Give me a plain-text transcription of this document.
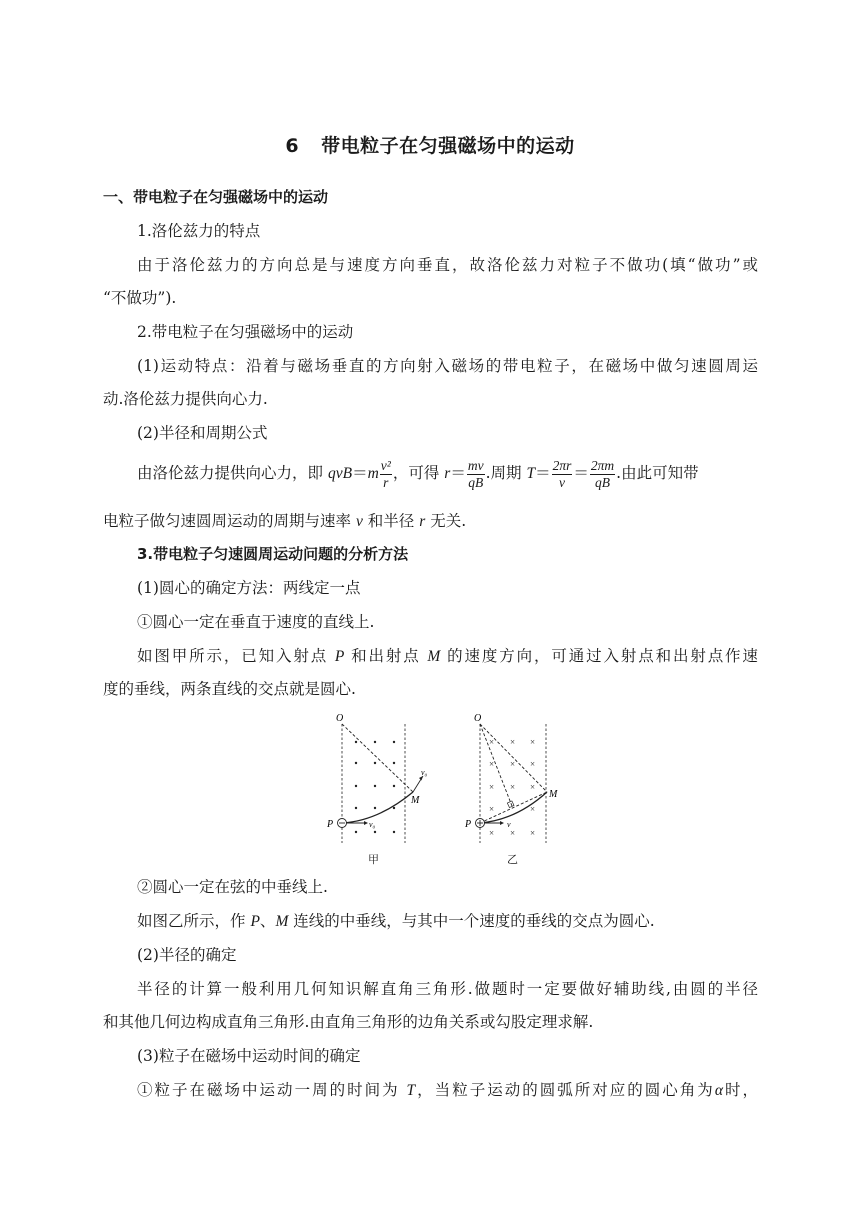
6 带电粒子在匀强磁场中的运动
一、带电粒子在匀强磁场中的运动
1.洛伦兹力的特点
由于洛伦兹力的方向总是与速度方向垂直，故洛伦兹力对粒子不做功(填“做功”或
“不做功”).
2.带电粒子在匀强磁场中的运动
(1)运动特点：沿着与磁场垂直的方向射入磁场的带电粒子，在磁场中做匀速圆周运
动.洛伦兹力提供向心力.
(2)半径和周期公式
由洛伦兹力提供向心力，即 $qvB=m \frac{\text{v²}}{r}$ ，可得 $r= \frac{mv}{qB}$ .周期 $T= \frac{2\pi r}{v} = \frac{2\pi m}{qB}$ .由此可知带
电粒子做匀速圆周运动的周期与速率 v 和半径 r 无关.
3.带电粒子匀速圆周运动问题的分析方法
(1)圆心的确定方法：两线定一点
①圆心一定在垂直于速度的直线上.
如图甲所示，已知入射点 P 和出射点 M 的速度方向，可通过入射点和出射点作速
度的垂线，两条直线的交点就是圆心.
O
v₀
v₀
P
M
O
× × ×
× × ×
× × ×
×	×
× × ×
v
P
M
甲	乙
②圆心一定在弦的中垂线上.
如图乙所示，作 P、M 连线的中垂线，与其中一个速度的垂线的交点为圆心.
(2)半径的确定
半径的计算一般利用几何知识解直角三角形.做题时一定要做好辅助线,由圆的半径
和其他几何边构成直角三角形.由直角三角形的边角关系或勾股定理求解.
(3)粒子在磁场中运动时间的确定
①粒子在磁场中运动一周的时间为 T，当粒子运动的圆弧所对应的圆心角为α时，
